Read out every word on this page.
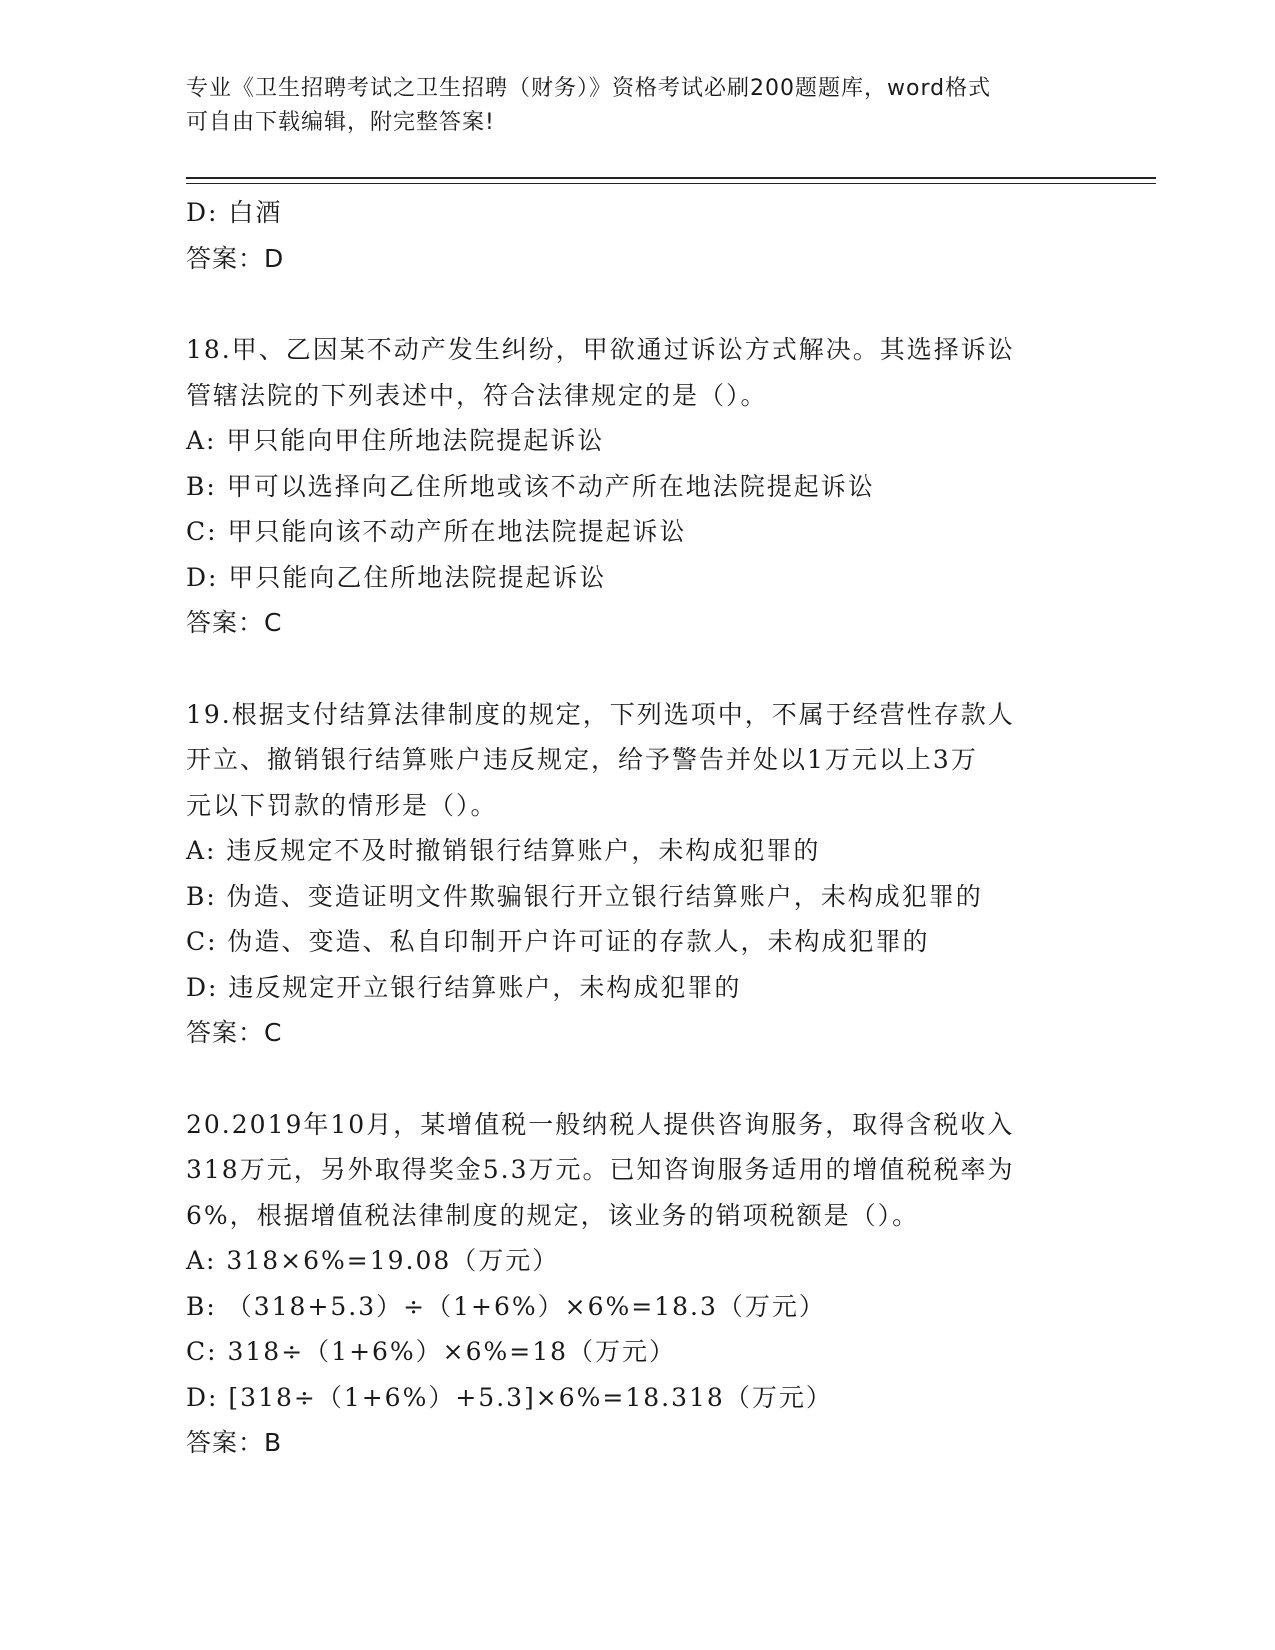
专业《卫生招聘考试之卫生招聘（财务）》资格考试必刷200题题库，word格式
可自由下载编辑，附完整答案!
D: 白酒
答案：D
18.甲、乙因某不动产发生纠纷，甲欲通过诉讼方式解决。其选择诉讼
管辖法院的下列表述中，符合法律规定的是（）。
A: 甲只能向甲住所地法院提起诉讼
B: 甲可以选择向乙住所地或该不动产所在地法院提起诉讼
C: 甲只能向该不动产所在地法院提起诉讼
D: 甲只能向乙住所地法院提起诉讼
答案：C
19.根据支付结算法律制度的规定，下列选项中，不属于经营性存款人
开立、撤销银行结算账户违反规定，给予警告并处以1万元以上3万
元以下罚款的情形是（）。
A: 违反规定不及时撤销银行结算账户，未构成犯罪的
B: 伪造、变造证明文件欺骗银行开立银行结算账户，未构成犯罪的
C: 伪造、变造、私自印制开户许可证的存款人，未构成犯罪的
D: 违反规定开立银行结算账户，未构成犯罪的
答案：C
20.2019年10月，某增值税一般纳税人提供咨询服务，取得含税收入
318万元，另外取得奖金5.3万元。已知咨询服务适用的增值税税率为
6%，根据增值税法律制度的规定，该业务的销项税额是（）。
A: 318×6%=19.08（万元）
B: （318+5.3）÷（1+6%）×6%=18.3（万元）
C: 318÷（1+6%）×6%=18（万元）
D: [318÷（1+6%）+5.3]×6%=18.318（万元）
答案：B
